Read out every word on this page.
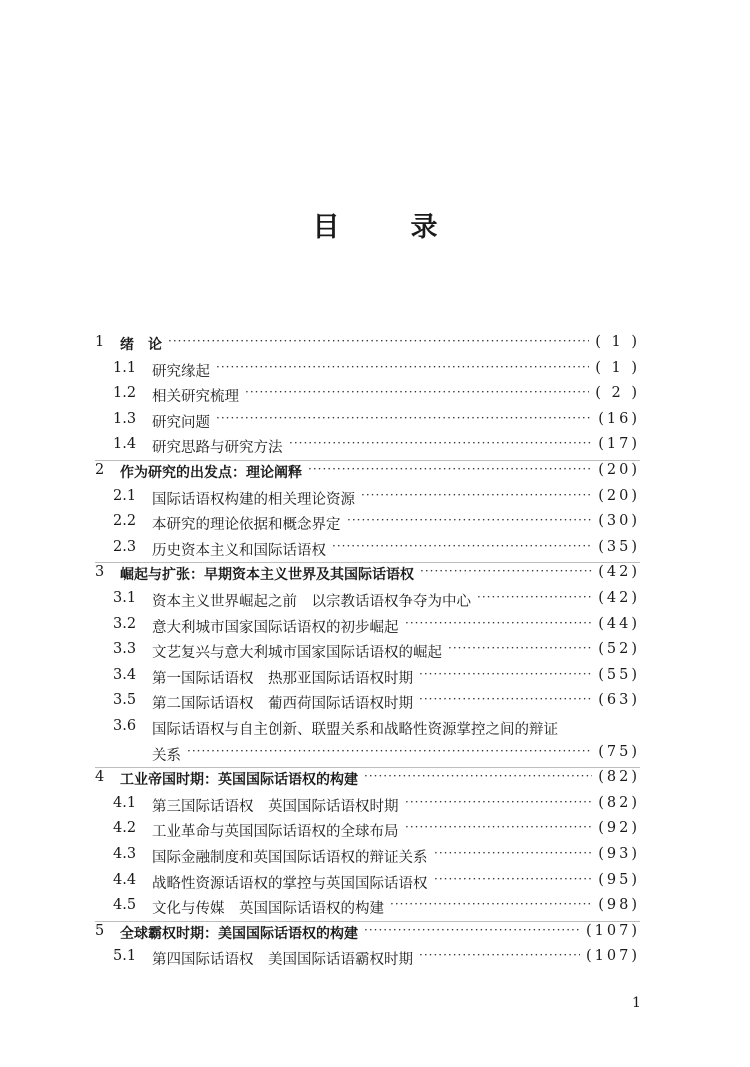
目　录
1 绪　论	( 1 )
·····
1.1 研究缘起	( 1 )
·····
1.2 相关研究梳理	( 2 )
·····
1.3 研究问题	(16)
·····
1.4 研究思路与研究方法	(17)
·····
2 作为研究的出发点：理论阐释	(20)
·····
2.1 国际话语权构建的相关理论资源	(20)
·····
2.2 本研究的理论依据和概念界定	(30)
·····
2.3 历史资本主义和国际话语权	(35)
·····
3 崛起与扩张：早期资本主义世界及其国际话语权	(42)
·····
3.1 资本主义世界崛起之前　以宗教话语权争夺为中心	(42)
·····
3.2 意大利城市国家国际话语权的初步崛起	(44)
·····
3.3 文艺复兴与意大利城市国家国际话语权的崛起	(52)
·····
3.4 第一国际话语权　热那亚国际话语权时期	(55)
·····
3.5 第二国际话语权　葡西荷国际话语权时期	(63)
·····
3.6 国际话语权与自主创新、联盟关系和战略性资源掌控之间的辩证
关系	(75)
·····
4 工业帝国时期：英国国际话语权的构建	(82)
·····
4.1 第三国际话语权　英国国际话语权时期	(82)
·····
4.2 工业革命与英国国际话语权的全球布局	(92)
·····
4.3 国际金融制度和英国国际话语权的辩证关系	(93)
·····
4.4 战略性资源话语权的掌控与英国国际话语权	(95)
·····
4.5 文化与传媒　英国国际话语权的构建	(98)
·····
5 全球霸权时期：美国国际话语权的构建	(107)
·····
5.1 第四国际话语权　美国国际话语霸权时期	(107)
·····
1
